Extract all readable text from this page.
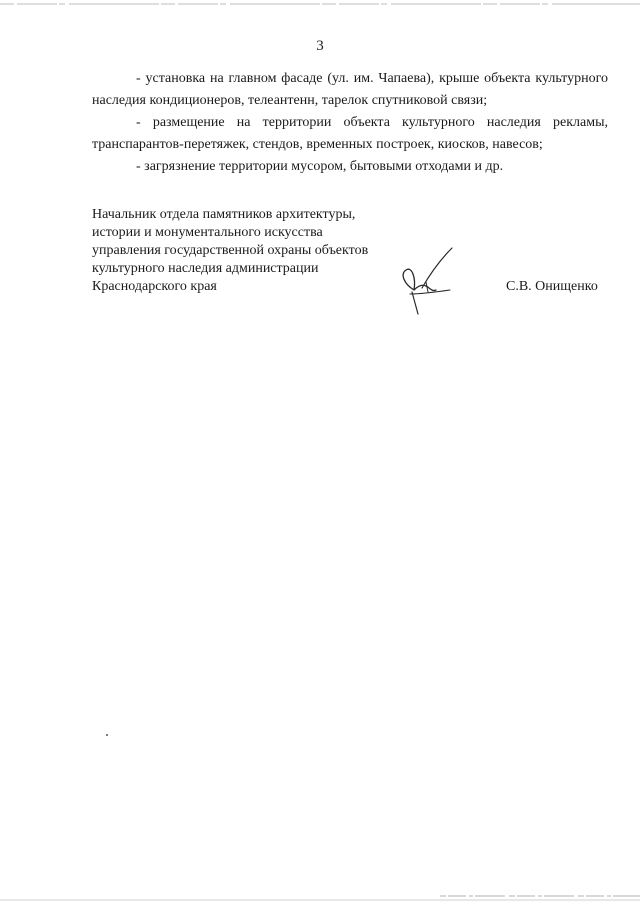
3

- установка на главном фасаде (ул. им. Чапаева), крыше объекта культурного наследия кондиционеров, телеантенн, тарелок спутниковой связи;

- размещение на территории объекта культурного наследия рекламы, транспарантов-перетяжек, стендов, временных построек, киосков, навесов;

- загрязнение территории мусором, бытовыми отходами и др.

Начальник отдела памятников архитектуры,
истории и монументального искусства
управления государственной охраны объектов
культурного наследия администрации
Краснодарского края	С.В. Онищенко
